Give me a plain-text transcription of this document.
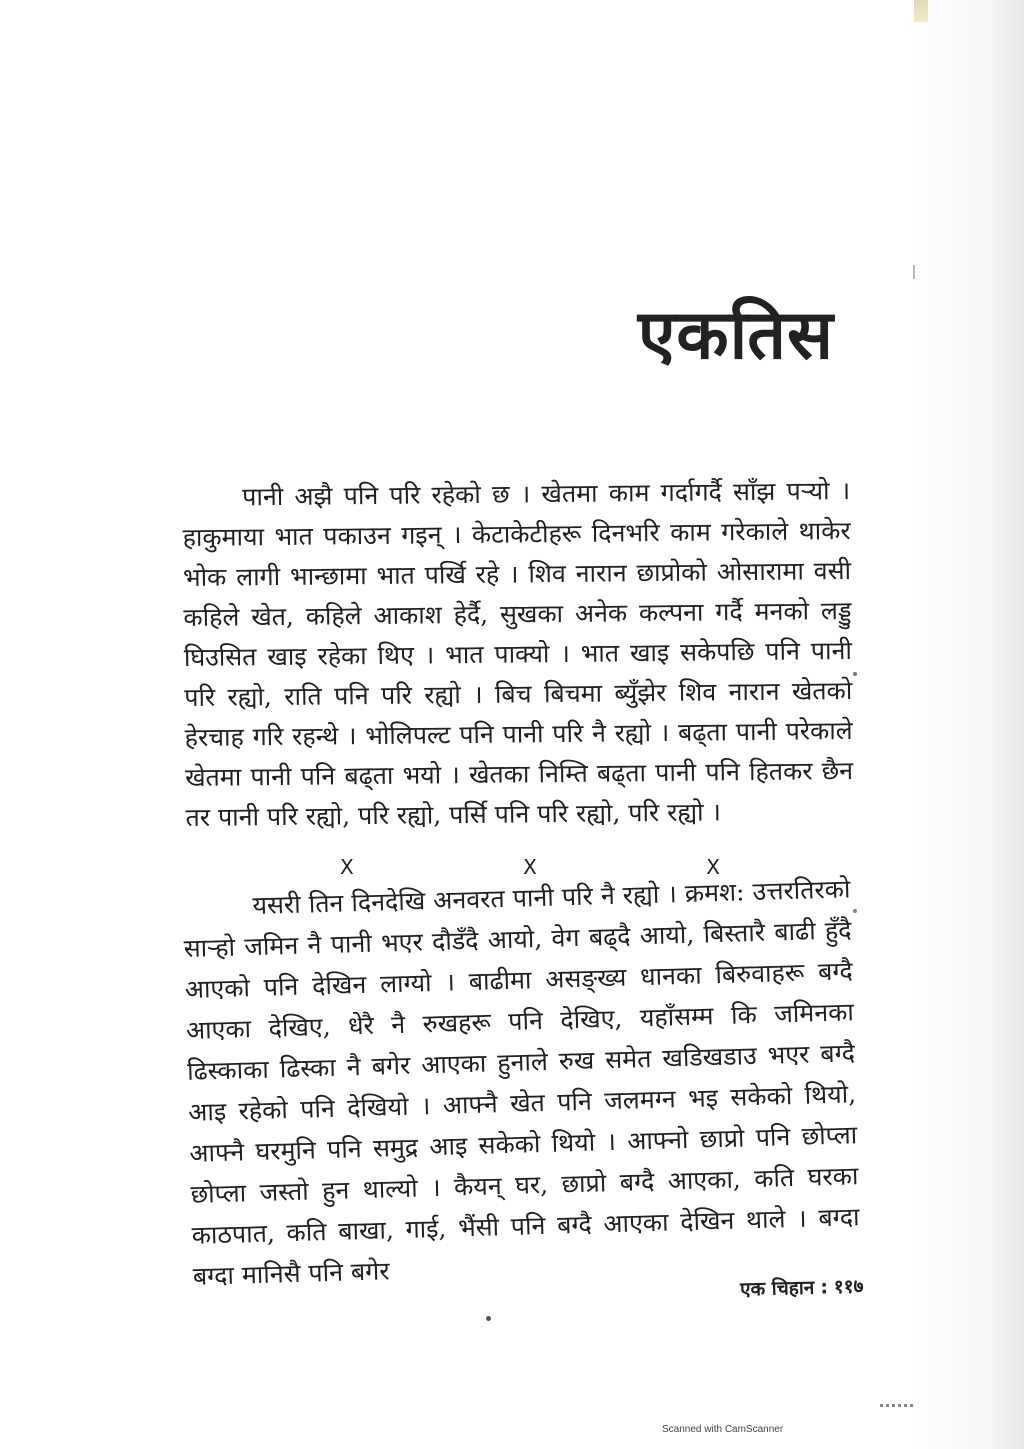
एकतिस

पानी अझै पनि परि रहेको छ । खेतमा काम गर्दागर्दै साँझ पऱ्यो । हाकुमाया भात पकाउन गइन् । केटाकेटीहरू दिनभरि काम गरेकाले थाकेर भोक लागी भान्छामा भात पर्खि रहे । शिव नारान छाप्रोको ओसारामा वसी कहिले खेत, कहिले आकाश हेर्दै, सुखका अनेक कल्पना गर्दै मनको लड्डु घिउसित खाइ रहेका थिए । भात पाक्यो । भात खाइ सकेपछि पनि पानी परि रह्यो, राति पनि परि रह्यो । बिच बिचमा ब्युँझेर शिव नारान खेतको हेरचाह गरि रहन्थे । भोलिपल्ट पनि पानी परि नै रह्यो । बढ्ता पानी परेकाले खेतमा पानी पनि बढ्ता भयो । खेतका निम्ति बढ्ता पानी पनि हितकर छैन तर पानी परि रह्यो, परि रह्यो, पर्सि पनि परि रह्यो, परि रह्यो ।

X	X	X

यसरी तिन दिनदेखि अनवरत पानी परि नै रह्यो । क्रमश: उत्तरतिरको साऱ्हो जमिन नै पानी भएर दौडँदै आयो, वेग बढ्दै आयो, बिस्तारै बाढी हुँदै आएको पनि देखिन लाग्यो । बाढीमा असङ्ख्य धानका बिरुवाहरू बग्दै आएका देखिए, धेरै नै रुखहरू पनि देखिए, यहाँसम्म कि जमिनका ढिस्काका ढिस्का नै बगेर आएका हुनाले रुख समेत खडिखडाउ भएर बग्दै आइ रहेको पनि देखियो । आफ्नै खेत पनि जलमग्न भइ सकेको थियो, आफ्नै घरमुनि पनि समुद्र आइ सकेको थियो । आफ्नो छाप्रो पनि छोप्ला छोप्ला जस्तो हुन थाल्यो । कैयन् घर, छाप्रो बग्दै आएका, कति घरका काठपात, कति बाखा, गाई, भैंसी पनि बग्दै आएका देखिन थाले । बग्दा बग्दा मानिसै पनि बगेर	एक चिहान : ११७
Scanned with CamScanner
